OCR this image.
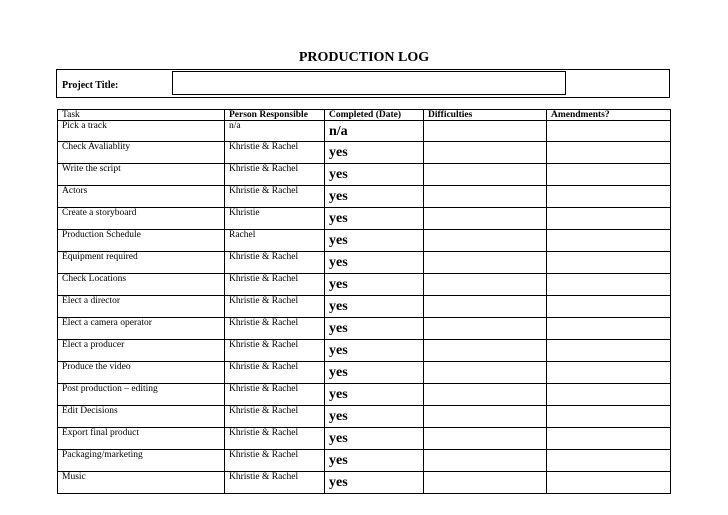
PRODUCTION LOG
Project Title:
Task	Person Responsible	Completed (Date)	Difficulties	Amendments?
Pick a track	n/a	n/a		
Check Avaliablity	Khristie & Rachel	yes		
Write the script	Khristie & Rachel	yes		
Actors	Khristie & Rachel	yes		
Create a storyboard	Khristie	yes		
Production Schedule	Rachel	yes		
Equipment required	Khristie & Rachel	yes		
Check Locations	Khristie & Rachel	yes		
Elect a director	Khristie & Rachel	yes		
Elect a camera operator	Khristie & Rachel	yes		
Elect a producer	Khristie & Rachel	yes		
Produce the video	Khristie & Rachel	yes		
Post production – editing	Khristie & Rachel	yes		
Edit Decisions	Khristie & Rachel	yes		
Export final product	Khristie & Rachel	yes		
Packaging/marketing	Khristie & Rachel	yes		
Music	Khristie & Rachel	yes		
